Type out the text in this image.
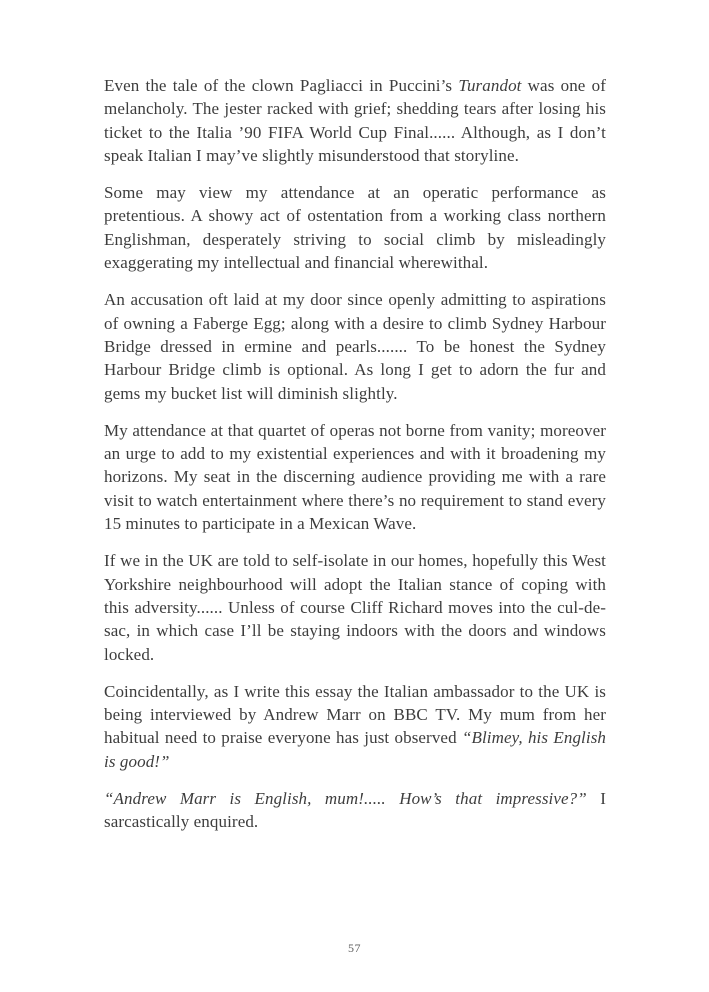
Even the tale of the clown Pagliacci in Puccini’s Turandot was one of melancholy. The jester racked with grief; shedding tears after losing his ticket to the Italia ’90 FIFA World Cup Final...... Although, as I don’t speak Italian I may’ve slightly misunderstood that storyline.

Some may view my attendance at an operatic performance as pretentious. A showy act of ostentation from a working class northern Englishman, desperately striving to social climb by misleadingly exaggerating my intellectual and financial wherewithal.

An accusation oft laid at my door since openly admitting to aspirations of owning a Faberge Egg; along with a desire to climb Sydney Harbour Bridge dressed in ermine and pearls....... To be honest the Sydney Harbour Bridge climb is optional. As long I get to adorn the fur and gems my bucket list will diminish slightly.

My attendance at that quartet of operas not borne from vanity; moreover an urge to add to my existential experiences and with it broadening my horizons. My seat in the discerning audience providing me with a rare visit to watch entertainment where there’s no requirement to stand every 15 minutes to participate in a Mexican Wave.

If we in the UK are told to self-isolate in our homes, hopefully this West Yorkshire neighbourhood will adopt the Italian stance of coping with this adversity...... Unless of course Cliff Richard moves into the cul-de-sac, in which case I’ll be staying indoors with the doors and windows locked.

Coincidentally, as I write this essay the Italian ambassador to the UK is being interviewed by Andrew Marr on BBC TV. My mum from her habitual need to praise everyone has just observed “Blimey, his English is good!”

“Andrew Marr is English, mum!..... How’s that impressive?” I sarcastically enquired.

57
